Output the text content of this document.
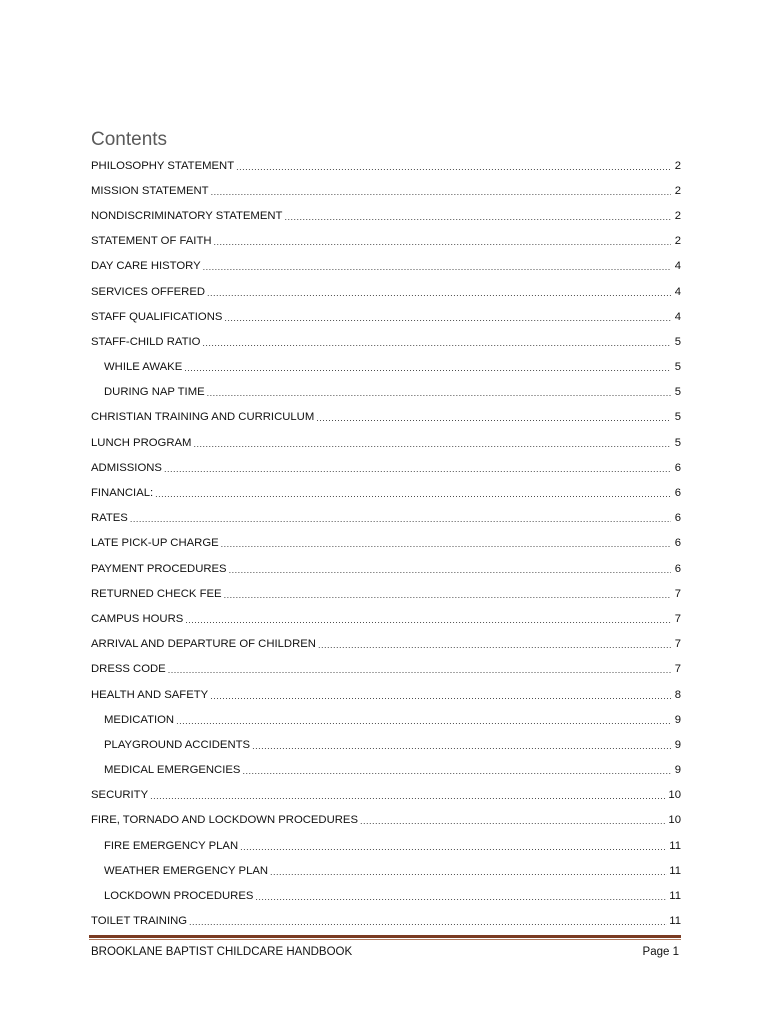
Contents
PHILOSOPHY STATEMENT .....	2
MISSION STATEMENT .....	2
NONDISCRIMINATORY STATEMENT .....	2
STATEMENT OF FAITH .....	2
DAY CARE HISTORY .....	4
SERVICES OFFERED .....	4
STAFF QUALIFICATIONS .....	4
STAFF-CHILD RATIO .....	5
WHILE AWAKE .....	5
DURING NAP TIME .....	5
CHRISTIAN TRAINING AND CURRICULUM .....	5
LUNCH PROGRAM .....	5
ADMISSIONS .....	6
FINANCIAL: .....	6
RATES .....	6
LATE PICK-UP CHARGE .....	6
PAYMENT PROCEDURES .....	6
RETURNED CHECK FEE .....	7
CAMPUS HOURS .....	7
ARRIVAL AND DEPARTURE OF CHILDREN .....	7
DRESS CODE .....	7
HEALTH AND SAFETY .....	8
MEDICATION .....	9
PLAYGROUND ACCIDENTS .....	9
MEDICAL EMERGENCIES .....	9
SECURITY .....	10
FIRE, TORNADO AND LOCKDOWN PROCEDURES .....	10
FIRE EMERGENCY PLAN .....	11
WEATHER EMERGENCY PLAN .....	11
LOCKDOWN PROCEDURES .....	11
TOILET TRAINING .....	11
BROOKLANE BAPTIST CHILDCARE HANDBOOK	Page 1
